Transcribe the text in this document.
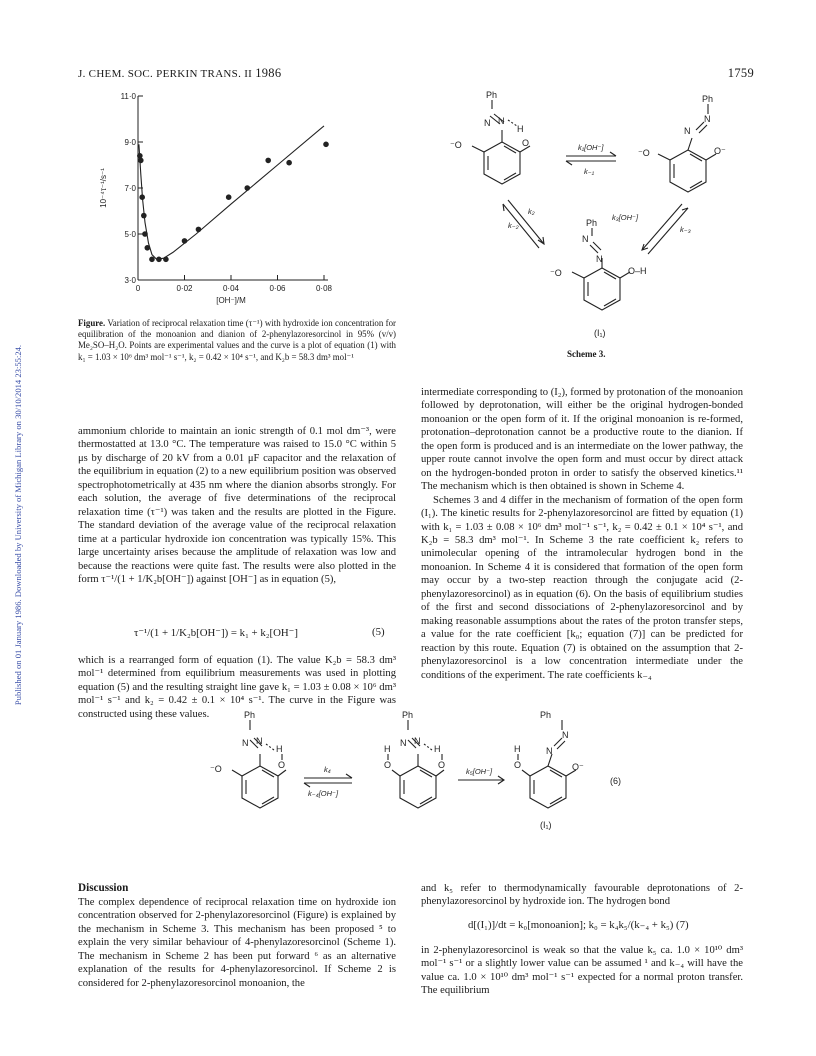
Published on 01 January 1986. Downloaded by University of Michigan Library on 30/10/2014 23:55:24.
J. CHEM. SOC. PERKIN TRANS. II 1986	1759
3·0
5·0
7·0
9·0
11·0
0	0·02	0·04	0·06	0·08
[OH⁻]/M
10⁻⁴τ⁻¹/s⁻¹
Figure. Variation of reciprocal relaxation time (τ⁻¹) with hydroxide ion concentration for equilibration of the monoanion and dianion of 2-phenylazoresorcinol in 95% (v/v) Me₂SO–H₂O. Points are experimental values and the curve is a plot of equation (1) with k₁ = 1.03 × 10⁶ dm³ mol⁻¹ s⁻¹, k₂ = 0.42 × 10⁴ s⁻¹, and K₂b = 58.3 dm³ mol⁻¹

ammonium chloride to maintain an ionic strength of 0.1 mol dm⁻³, were thermostatted at 13.0 °C. The temperature was raised to 15.0 °C within 5 μs by discharge of 20 kV from a 0.01 μF capacitor and the relaxation of the equilibrium in equation (2) to a new equilibrium position was observed spectrophotometrically at 435 nm where the dianion absorbs strongly. For each solution, the average of five determinations of the reciprocal relaxation time (τ⁻¹) was taken and the results are plotted in the Figure. The standard deviation of the average value of the reciprocal relaxation time at a particular hydroxide ion concentration was typically 15%. This large uncertainty arises because the amplitude of relaxation was low and because the reactions were quite fast. The results were also plotted in the form τ⁻¹/(1 + 1/K₂b[OH⁻]) against [OH⁻] as in equation (5),

τ⁻¹/(1 + 1/K₂b[OH⁻]) = k₁ + k₂[OH⁻]	(5)

which is a rearranged form of equation (1). The value K₂b = 58.3 dm³ mol⁻¹ determined from equilibrium measurements was used in plotting equation (5) and the resulting straight line gave k₁ = 1.03 ± 0.08 × 10⁶ dm³ mol⁻¹ s⁻¹ and k₂ = 0.42 ± 0.1 × 10⁴ s⁻¹. The curve in the Figure was constructed using these values.

Ph
N N
H
O
⁻O
Ph
N
N
⁻O	O⁻
Ph
N
N
⁻O	O–H
k₁[OH⁻]
k₋₁
k₂
k₋₂
k₃[OH⁻]
k₋₃
(I₁)
Scheme 3.

intermediate corresponding to (I₂), formed by protonation of the monoanion followed by deprotonation, will either be the original hydrogen-bonded monoanion or the open form of it. If the original monoanion is re-formed, protonation–deprotonation cannot be a productive route to the dianion. If the open form is produced and is an intermediate on the lower pathway, the upper route cannot involve the open form and must occur by direct attack on the hydrogen-bonded proton in order to satisfy the observed kinetics.¹¹ The mechanism which is then obtained is shown in Scheme 4.

Schemes 3 and 4 differ in the mechanism of formation of the open form (I₁). The kinetic results for 2-phenylazoresorcinol are fitted by equation (1) with k₁ = 1.03 ± 0.08 × 10⁶ dm³ mol⁻¹ s⁻¹, k₂ = 0.42 ± 0.1 × 10⁴ s⁻¹, and K₂b = 58.3 dm³ mol⁻¹. In Scheme 3 the rate coefficient k₂ refers to unimolecular opening of the intramolecular hydrogen bond in the monoanion. In Scheme 4 it is considered that formation of the open form may occur by a two-step reaction through the conjugate acid (2-phenylazoresorcinol) as in equation (6). On the basis of equilibrium studies of the first and second dissociations of 2-phenylazoresorcinol and by making reasonable assumptions about the rates of the proton transfer steps, a value for the rate coefficient [k₀; equation (7)] can be predicted for reaction by this route. Equation (7) is obtained on the assumption that 2-phenylazoresorcinol is a low concentration intermediate under the conditions of the experiment. The rate coefficients k₋₄

Ph
N N
H
O
⁻O
Ph
N N
H
O
H
O
Ph
N
N
H
O	O⁻
(I₁)
(6)
k₄
k₋₄[OH⁻]
k₅[OH⁻]
Discussion

The complex dependence of reciprocal relaxation time on hydroxide ion concentration observed for 2-phenylazoresorcinol (Figure) is explained by the mechanism in Scheme 3. This mechanism has been proposed ⁵ to explain the very similar behaviour of 4-phenylazoresorcinol (Scheme 1). The mechanism in Scheme 2 has been put forward ⁶ as an alternative explanation of the results for 4-phenylazoresorcinol. If Scheme 2 is considered for 2-phenylazoresorcinol monoanion, the

and k₅ refer to thermodynamically favourable deprotonations of 2-phenylazoresorcinol by hydroxide ion. The hydrogen bond

d[(I₁)]/dt = k₀[monoanion]; k₀ = k₄k₅/(k₋₄ + k₅) (7)

in 2-phenylazoresorcinol is weak so that the value k₅ ca. 1.0 × 10¹⁰ dm³ mol⁻¹ s⁻¹ or a slightly lower value can be assumed ¹ and k₋₄ will have the value ca. 1.0 × 10¹⁰ dm³ mol⁻¹ s⁻¹ expected for a normal proton transfer. The equilibrium
